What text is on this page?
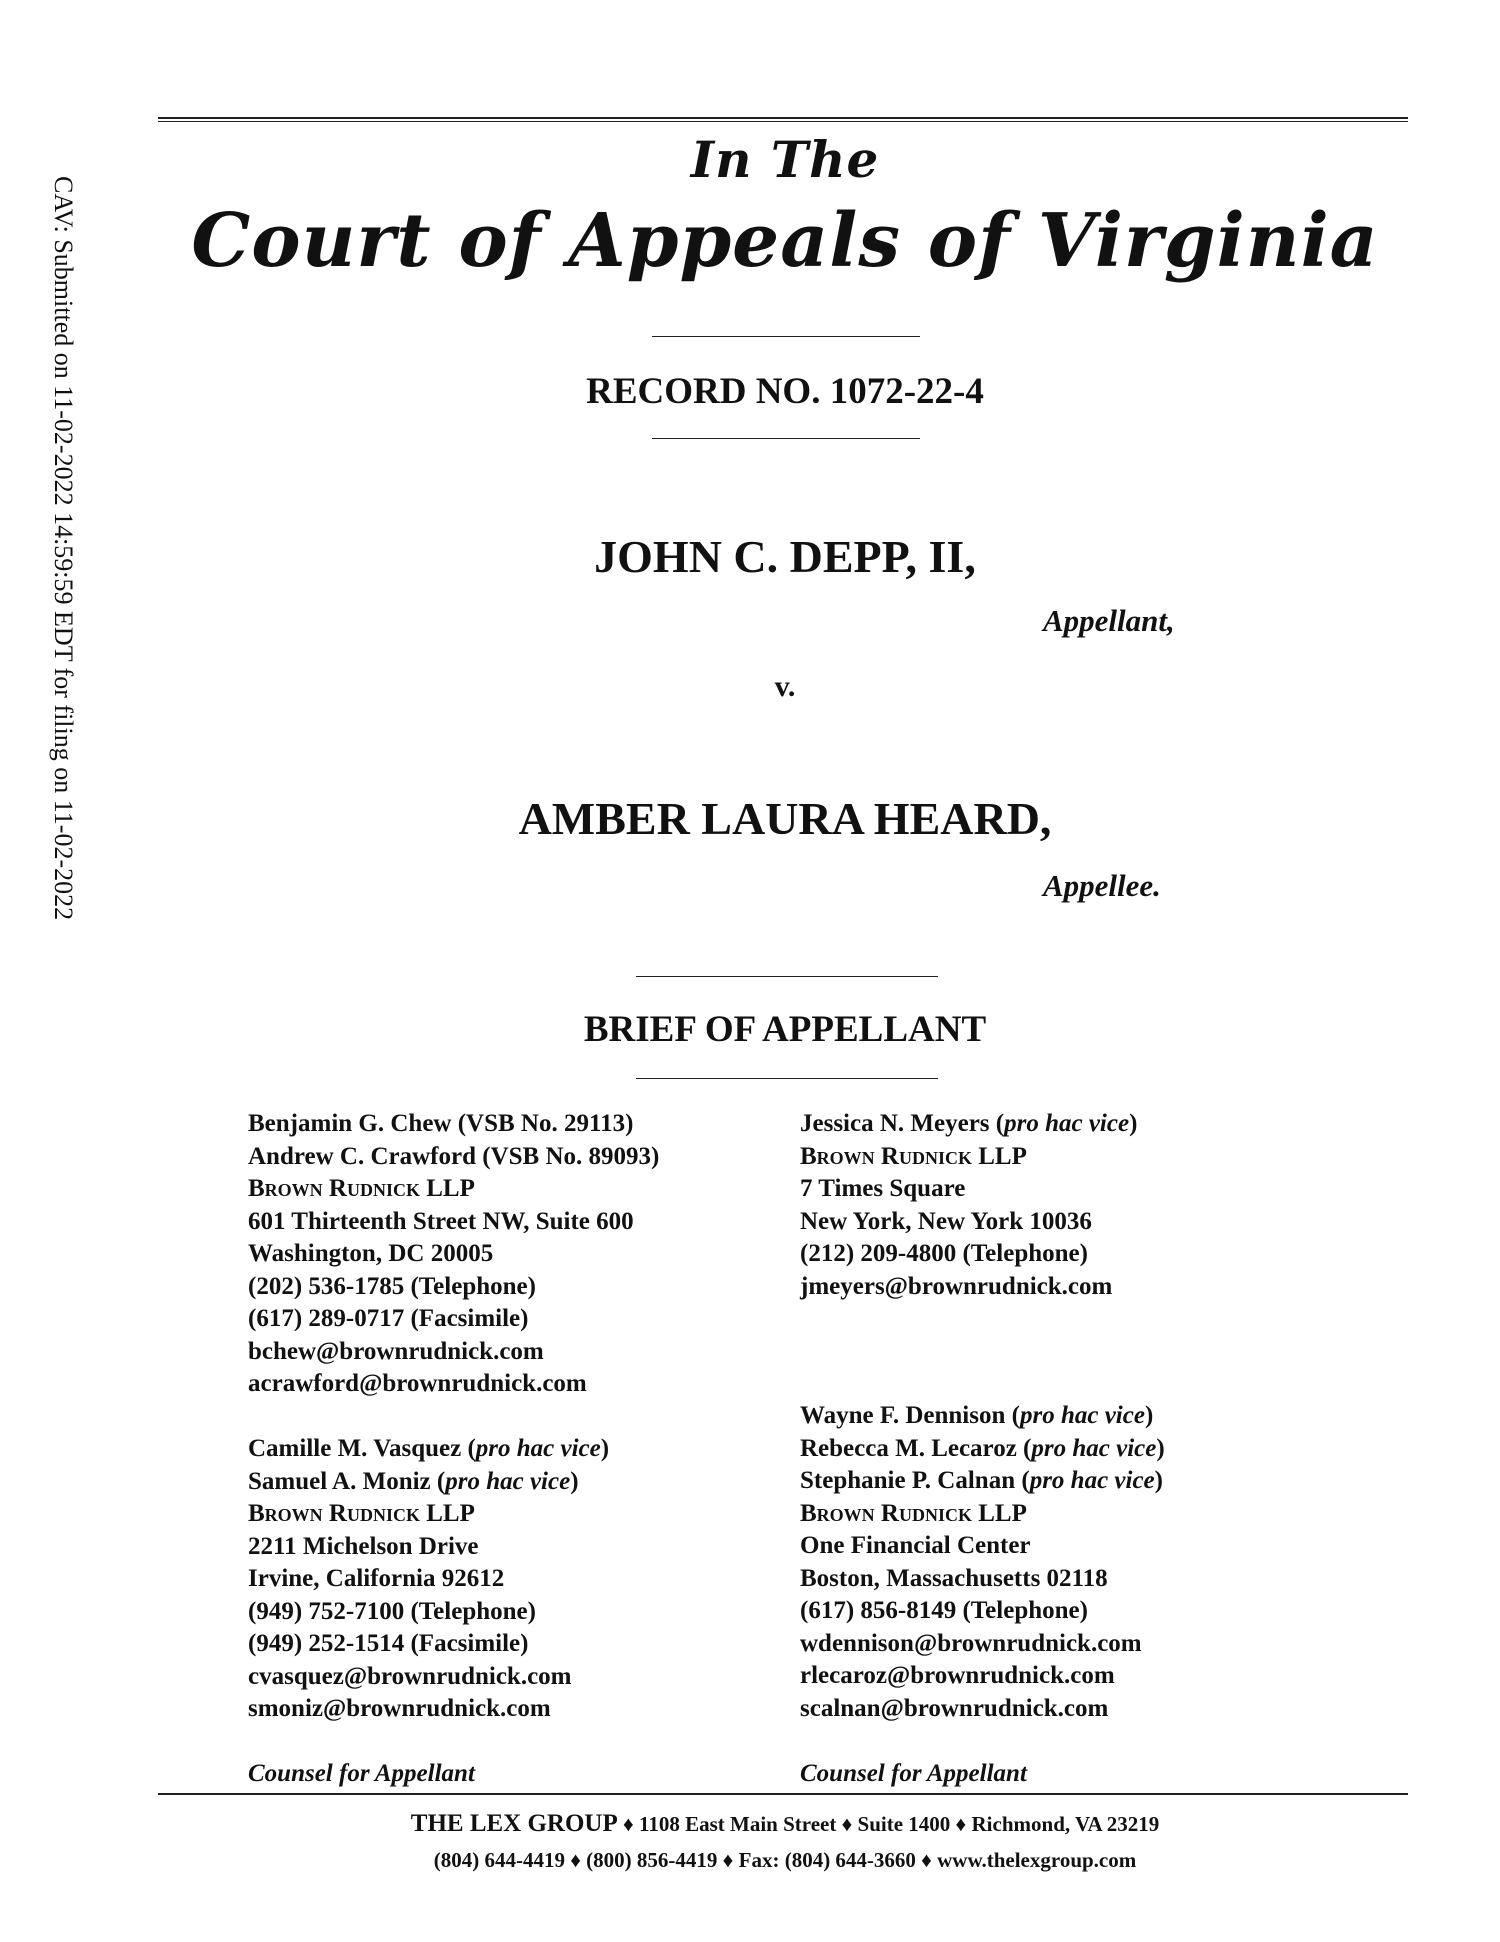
CAV: Submitted on 11-02-2022 14:59:59 EDT for filing on 11-02-2022
In The
Court of Appeals of Virginia
RECORD NO. 1072-22-4
JOHN C. DEPP, II,
Appellant,
v.
AMBER LAURA HEARD,
Appellee.
BRIEF OF APPELLANT
Benjamin G. Chew (VSB No. 29113)
Andrew C. Crawford (VSB No. 89093)
Brown Rudnick LLP
601 Thirteenth Street NW, Suite 600
Washington, DC 20005
(202) 536-1785 (Telephone)
(617) 289-0717 (Facsimile)
bchew@brownrudnick.com
acrawford@brownrudnick.com
Camille M. Vasquez (pro hac vice)
Samuel A. Moniz (pro hac vice)
Brown Rudnick LLP
2211 Michelson Drive
Irvine, California 92612
(949) 752-7100 (Telephone)
(949) 252-1514 (Facsimile)
cvasquez@brownrudnick.com
smoniz@brownrudnick.com
Counsel for Appellant
Jessica N. Meyers (pro hac vice)
Brown Rudnick LLP
7 Times Square
New York, New York 10036
(212) 209-4800 (Telephone)
jmeyers@brownrudnick.com
Wayne F. Dennison (pro hac vice)
Rebecca M. Lecaroz (pro hac vice)
Stephanie P. Calnan (pro hac vice)
Brown Rudnick LLP
One Financial Center
Boston, Massachusetts 02118
(617) 856-8149 (Telephone)
wdennison@brownrudnick.com
rlecaroz@brownrudnick.com
scalnan@brownrudnick.com
Counsel for Appellant
THE LEX GROUP ♦ 1108 East Main Street ♦ Suite 1400 ♦ Richmond, VA 23219
(804) 644-4419 ♦ (800) 856-4419 ♦ Fax: (804) 644-3660 ♦ www.thelexgroup.com
